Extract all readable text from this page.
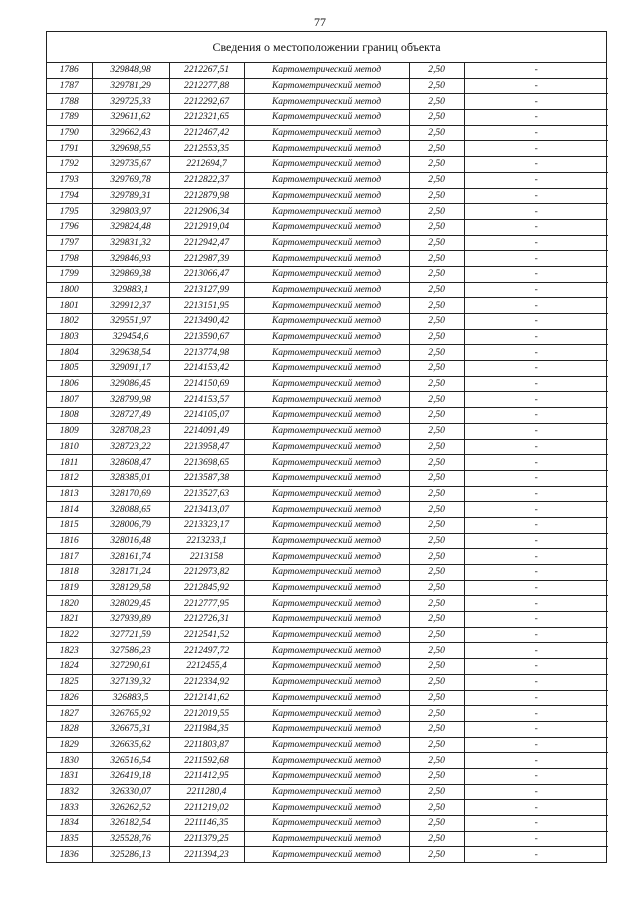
77
Сведения о местоположении границ объекта
1786	329848,98	2212267,51	Картометрический метод	2,50	-
1787	329781,29	2212277,88	Картометрический метод	2,50	-
1788	329725,33	2212292,67	Картометрический метод	2,50	-
1789	329611,62	2212321,65	Картометрический метод	2,50	-
1790	329662,43	2212467,42	Картометрический метод	2,50	-
1791	329698,55	2212553,35	Картометрический метод	2,50	-
1792	329735,67	2212694,7	Картометрический метод	2,50	-
1793	329769,78	2212822,37	Картометрический метод	2,50	-
1794	329789,31	2212879,98	Картометрический метод	2,50	-
1795	329803,97	2212906,34	Картометрический метод	2,50	-
1796	329824,48	2212919,04	Картометрический метод	2,50	-
1797	329831,32	2212942,47	Картометрический метод	2,50	-
1798	329846,93	2212987,39	Картометрический метод	2,50	-
1799	329869,38	2213066,47	Картометрический метод	2,50	-
1800	329883,1	2213127,99	Картометрический метод	2,50	-
1801	329912,37	2213151,95	Картометрический метод	2,50	-
1802	329551,97	2213490,42	Картометрический метод	2,50	-
1803	329454,6	2213590,67	Картометрический метод	2,50	-
1804	329638,54	2213774,98	Картометрический метод	2,50	-
1805	329091,17	2214153,42	Картометрический метод	2,50	-
1806	329086,45	2214150,69	Картометрический метод	2,50	-
1807	328799,98	2214153,57	Картометрический метод	2,50	-
1808	328727,49	2214105,07	Картометрический метод	2,50	-
1809	328708,23	2214091,49	Картометрический метод	2,50	-
1810	328723,22	2213958,47	Картометрический метод	2,50	-
1811	328608,47	2213698,65	Картометрический метод	2,50	-
1812	328385,01	2213587,38	Картометрический метод	2,50	-
1813	328170,69	2213527,63	Картометрический метод	2,50	-
1814	328088,65	2213413,07	Картометрический метод	2,50	-
1815	328006,79	2213323,17	Картометрический метод	2,50	-
1816	328016,48	2213233,1	Картометрический метод	2,50	-
1817	328161,74	2213158	Картометрический метод	2,50	-
1818	328171,24	2212973,82	Картометрический метод	2,50	-
1819	328129,58	2212845,92	Картометрический метод	2,50	-
1820	328029,45	2212777,95	Картометрический метод	2,50	-
1821	327939,89	2212726,31	Картометрический метод	2,50	-
1822	327721,59	2212541,52	Картометрический метод	2,50	-
1823	327586,23	2212497,72	Картометрический метод	2,50	-
1824	327290,61	2212455,4	Картометрический метод	2,50	-
1825	327139,32	2212334,92	Картометрический метод	2,50	-
1826	326883,5	2212141,62	Картометрический метод	2,50	-
1827	326765,92	2212019,55	Картометрический метод	2,50	-
1828	326675,31	2211984,35	Картометрический метод	2,50	-
1829	326635,62	2211803,87	Картометрический метод	2,50	-
1830	326516,54	2211592,68	Картометрический метод	2,50	-
1831	326419,18	2211412,95	Картометрический метод	2,50	-
1832	326330,07	2211280,4	Картометрический метод	2,50	-
1833	326262,52	2211219,02	Картометрический метод	2,50	-
1834	326182,54	2211146,35	Картометрический метод	2,50	-
1835	325528,76	2211379,25	Картометрический метод	2,50	-
1836	325286,13	2211394,23	Картометрический метод	2,50	-
